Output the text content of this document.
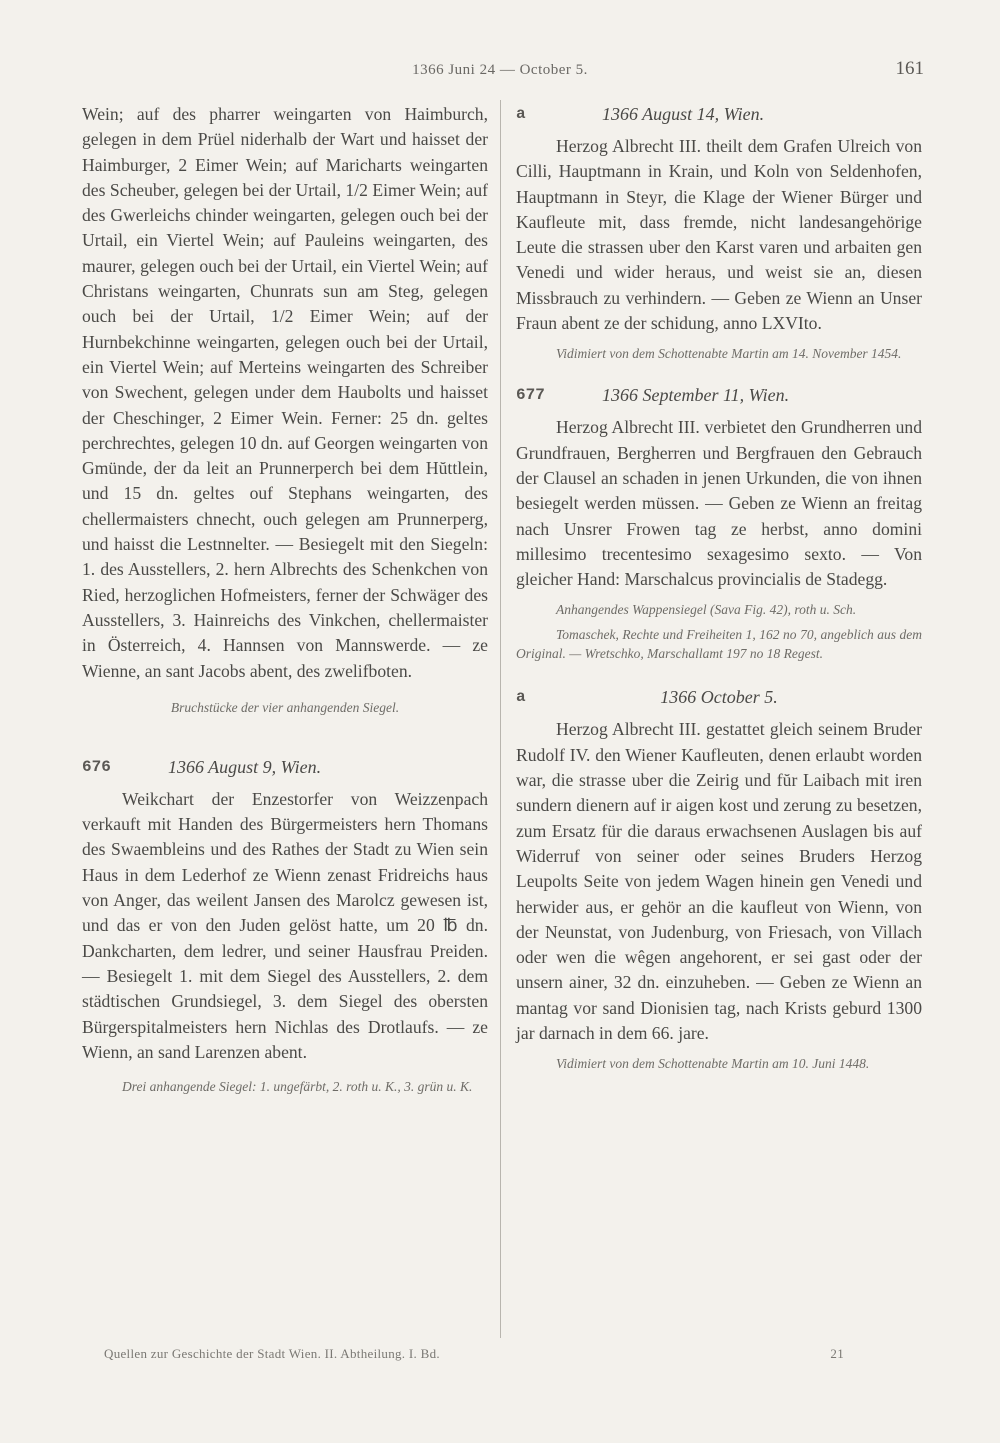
1366 Juni 24 — October 5.	161

Wein; auf des pharrer weingarten von Haimburch, gelegen in dem Prüel niderhalb der Wart und haisset der Haimburger, 2 Eimer Wein; auf Maricharts weingarten des Scheuber, gelegen bei der Urtail, 1/2 Eimer Wein; auf des Gwerleichs chinder weingarten, gelegen ouch bei der Urtail, ein Viertel Wein; auf Pauleins weingarten, des maurer, gelegen ouch bei der Urtail, ein Viertel Wein; auf Christans weingarten, Chunrats sun am Steg, gelegen ouch bei der Urtail, 1/2 Eimer Wein; auf der Hurnbekchinne weingarten, gelegen ouch bei der Urtail, ein Viertel Wein; auf Merteins weingarten des Schreiber von Swechent, gelegen under dem Haubolts und haisset der Cheschinger, 2 Eimer Wein. Ferner: 25 dn. geltes perchrechtes, gelegen 10 dn. auf Georgen weingarten von Gmünde, der da leit an Prunnerperch bei dem Hŭttlein, und 15 dn. geltes ouf Stephans weingarten, des chellermaisters chnecht, ouch gelegen am Prunnerperg, und haisst die Lestnnelter. — Besiegelt mit den Siegeln: 1. des Ausstellers, 2. hern Albrechts des Schenkchen von Ried, herzoglichen Hofmeisters, ferner der Schwäger des Ausstellers, 3. Hainreichs des Vinkchen, chellermaister in Österreich, 4. Hannsen von Mannswerde. — ze Wienne, an sant Jacobs abent, des zwelifboten.

Bruchstücke der vier anhangenden Siegel.

676	1366 August 9, Wien.

Weikchart der Enzestorfer von Weizzenpach verkauft mit Handen des Bürgermeisters hern Thomans des Swaembleins und des Rathes der Stadt zu Wien sein Haus in dem Lederhof ze Wienn zenast Fridreichs haus von Anger, das weilent Jansen des Marolcz gewesen ist, und das er von den Juden gelöst hatte, um 20 ℔ dn. Dankcharten, dem ledrer, und seiner Hausfrau Preiden. — Besiegelt 1. mit dem Siegel des Ausstellers, 2. dem städtischen Grundsiegel, 3. dem Siegel des obersten Bürgerspitalmeisters hern Nichlas des Drotlaufs. — ze Wienn, an sand Larenzen abent.

Drei anhangende Siegel: 1. ungefärbt, 2. roth u. K., 3. grün u. K.

a	1366 August 14, Wien.

Herzog Albrecht III. theilt dem Grafen Ulreich von Cilli, Hauptmann in Krain, und Koln von Seldenhofen, Hauptmann in Steyr, die Klage der Wiener Bürger und Kaufleute mit, dass fremde, nicht landesangehörige Leute die strassen uber den Karst varen und arbaiten gen Venedi und wider heraus, und weist sie an, diesen Missbrauch zu verhindern. — Geben ze Wienn an Unser Fraun abent ze der schidung, anno LXVIto.

Vidimiert von dem Schottenabte Martin am 14. November 1454.

677	1366 September 11, Wien.

Herzog Albrecht III. verbietet den Grundherren und Grundfrauen, Bergherren und Bergfrauen den Gebrauch der Clausel an schaden in jenen Urkunden, die von ihnen besiegelt werden müssen. — Geben ze Wienn an freitag nach Unsrer Frowen tag ze herbst, anno domini millesimo trecentesimo sexagesimo sexto. — Von gleicher Hand: Marschalcus provincialis de Stadegg.

Anhangendes Wappensiegel (Sava Fig. 42), roth u. Sch.

Tomaschek, Rechte und Freiheiten 1, 162 no 70, angeblich aus dem Original. — Wretschko, Marschallamt 197 no 18 Regest.

a	1366 October 5.

Herzog Albrecht III. gestattet gleich seinem Bruder Rudolf IV. den Wiener Kaufleuten, denen erlaubt worden war, die strasse uber die Zeirig und fŭr Laibach mit iren sundern dienern auf ir aigen kost und zerung zu besetzen, zum Ersatz für die daraus erwachsenen Auslagen bis auf Widerruf von seiner oder seines Bruders Herzog Leupolts Seite von jedem Wagen hinein gen Venedi und herwider aus, er gehör an die kaufleut von Wienn, von der Neunstat, von Judenburg, von Friesach, von Villach oder wen die wêgen angehorent, er sei gast oder der unsern ainer, 32 dn. einzuheben. — Geben ze Wienn an mantag vor sand Dionisien tag, nach Krists geburd 1300 jar darnach in dem 66. jare.

Vidimiert von dem Schottenabte Martin am 10. Juni 1448.

Quellen zur Geschichte der Stadt Wien. II. Abtheilung. I. Bd.	21
